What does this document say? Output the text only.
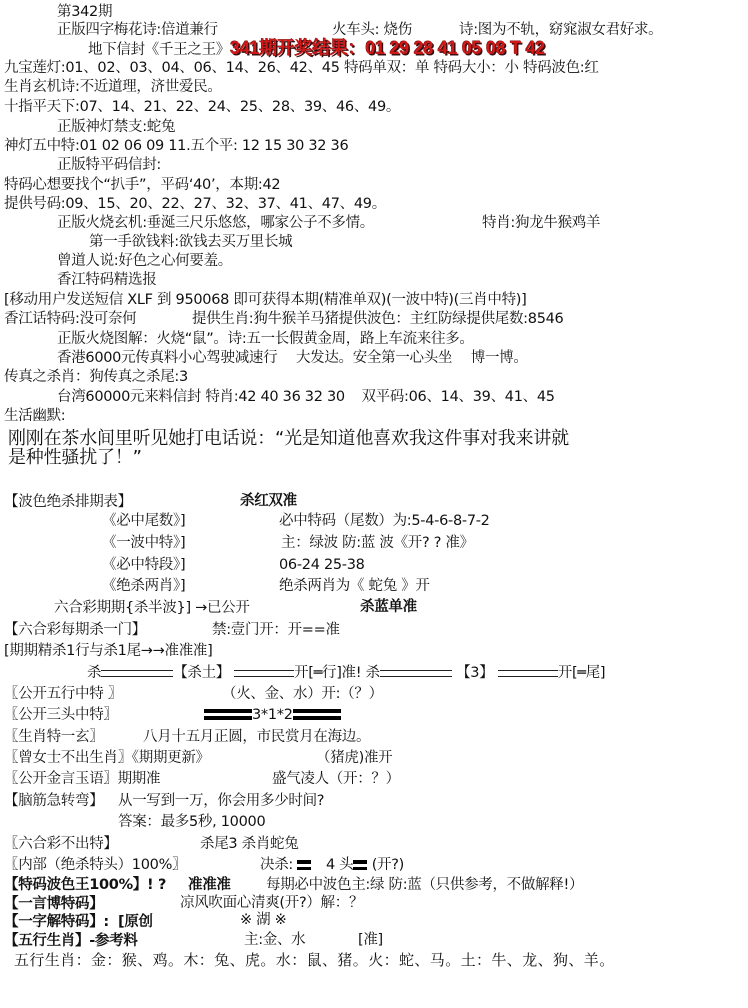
第342期
正版四字梅花诗:倍道兼行	火车头: 烧伤	诗:图为不轨，窈窕淑女君好求。
地下信封《千王之王》341期开奖结果：01 29 28 41 05 08 T 42
九宝莲灯:01、02、03、04、06、14、26、42、45 特码单双：单 特码大小：小 特码波色:红
生肖玄机诗:不近道理，济世爱民。
十指平天下:07、14、21、22、24、25、28、39、46、49。
正版神灯禁支:蛇兔
神灯五中特:01 02 06 09 11.五个平: 12 15 30 32 36
正版特平码信封:
特码心想要找个“扒手”，平码‘40’，本期:42
提供号码:09、15、20、22、27、32、37、41、47、49。
正版火烧玄机:垂涎三尺乐悠悠，哪家公子不多情。	特肖:狗龙牛猴鸡羊
第一手欲钱料:欲钱去买万里长城
曾道人说:好色之心何要羞。
香江特码精选报
[移动用户发送短信 XLF 到 950068 即可获得本期(精准单双)(一波中特)(三肖中特)]
香江话特码:没可奈何	提供生肖:狗牛猴羊马猪提供波色：主红防绿提供尾数:8546
正版火烧图解：火烧“鼠”。诗:五一长假黄金周，路上车流来往多。
香港6000元传真料小心驾驶减速行 大发达。安全第一心头坐 博一博。
传真之杀肖：狗传真之杀尾:3
台湾60000元来料信封 特肖:42 40 36 32 30 双平码:06、14、39、41、45
生活幽默:
刚刚在茶水间里听见她打电话说：“光是知道他喜欢我这件事对我来讲就
是种性骚扰了！”
【波色绝杀排期表】	杀红双准
《必中尾数》]	必中特码（尾数）为:5-4-6-8-7-2
《一波中特》]	主：绿波 防:蓝 波《开? ? 准》
《必中特段》]	06-24 25-38
《绝杀两肖》]	绝杀两肖为《 蛇兔 》开
六合彩期期{杀半波}] →已公开	杀蓝单准
【六合彩每期杀一门】	禁:壹门开：开==准
[期期精杀1行与杀1尾→→准准准]
杀	【杀土】	开[═行]准! 杀	【3】	开[═尾]
〖公开五行中特 〗	（火、金、水）开:（？）
〖公开三头中特〗	3*1*2
〖生肖特一玄〗	八月十五月正圆，市民赏月在海边。
〖曾女士不出生肖〗《期期更新》	（猪虎)准开
〖公开金言玉语〗期期准	盛气凌人（开：？）
【脑筋急转弯】 从一写到一万，你会用多少时间?
答案：最多5秒, 10000
〖六合彩不出特】	杀尾3 杀肖蛇兔
〖内部（绝杀特头）100%〗	决杀: 4 头 (开?)
【特码波色王100%】! ? 准准准 每期必中波色主:绿 防:蓝（只供参考，不做解释!）
【一言博特码】	凉风吹面心清爽(开?）解：？
【一字解特码】: [原创	※ 湖 ※
【五行生肖】-参考料	主:金、水	[准]
五行生肖：金：猴、鸡。木：兔、虎。水：鼠、猪。火：蛇、马。土：牛、龙、狗、羊。
